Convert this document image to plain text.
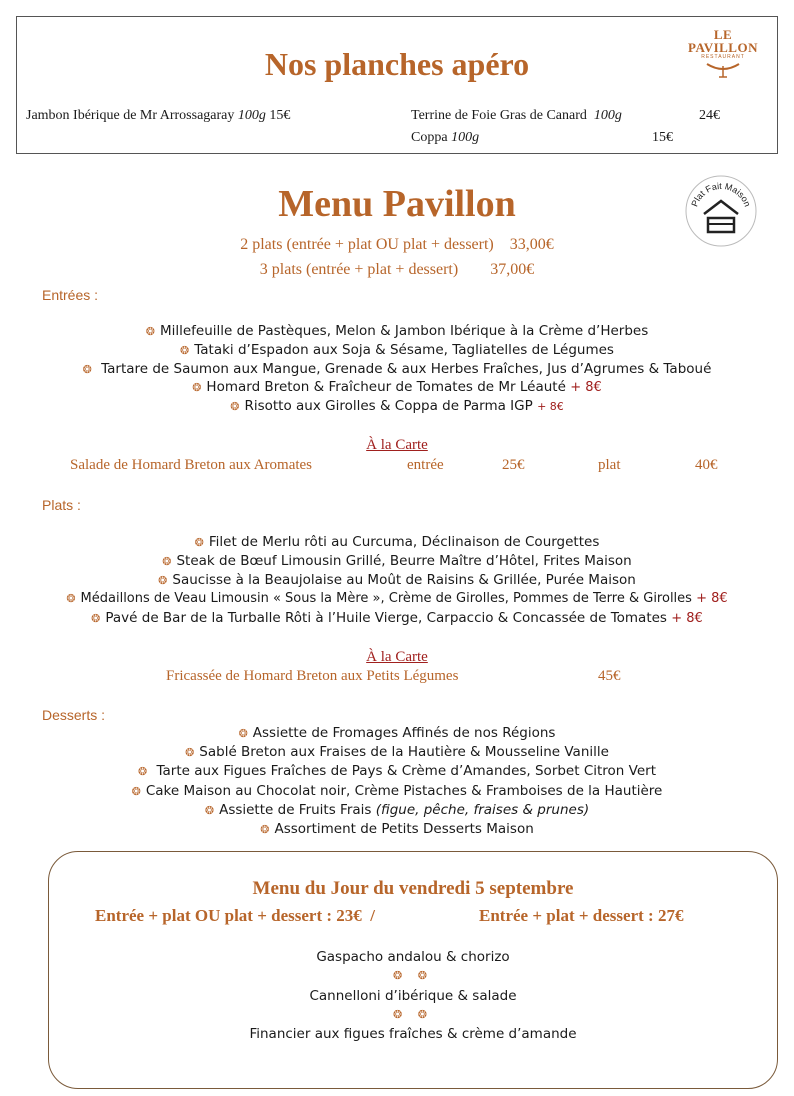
Nos planches apéro
LE PAVILLON
RESTAURANT
Jambon Ibérique de Mr Arrossagaray 100g 15€	Terrine de Foie Gras de Canard 100g	24€
Coppa 100g	15€
Menu Pavillon	Plat Fait Maison
2 plats (entrée + plat OU plat + dessert)    33,00€
3 plats (entrée + plat + dessert)        37,00€
Entrées :
❂ Millefeuille de Pastèques, Melon & Jambon Ibérique à la Crème d’Herbes
❂ Tataki d’Espadon aux Soja & Sésame, Tagliatelles de Légumes
❂ Tartare de Saumon aux Mangue, Grenade & aux Herbes Fraîches, Jus d’Agrumes & Taboué
❂ Homard Breton & Fraîcheur de Tomates de Mr Léauté + 8€
❂ Risotto aux Girolles & Coppa de Parma IGP + 8€
À la Carte
Salade de Homard Breton aux Aromates	entrée	25€	plat	40€
Plats :
❂ Filet de Merlu rôti au Curcuma, Déclinaison de Courgettes
❂ Steak de Bœuf Limousin Grillé, Beurre Maître d’Hôtel, Frites Maison
❂ Saucisse à la Beaujolaise au Moût de Raisins & Grillée, Purée Maison
❂ Médaillons de Veau Limousin « Sous la Mère », Crème de Girolles, Pommes de Terre & Girolles + 8€
❂ Pavé de Bar de la Turballe Rôti à l’Huile Vierge, Carpaccio & Concassée de Tomates + 8€
À la Carte
Fricassée de Homard Breton aux Petits Légumes	45€
Desserts :
❂ Assiette de Fromages Affinés de nos Régions
❂ Sablé Breton aux Fraises de la Hautière & Mousseline Vanille
❂ Tarte aux Figues Fraîches de Pays & Crème d’Amandes, Sorbet Citron Vert
❂ Cake Maison au Chocolat noir, Crème Pistaches & Framboises de la Hautière
❂ Assiette de Fruits Frais (figue, pêche, fraises & prunes)
❂ Assortiment de Petits Desserts Maison
Menu du Jour du vendredi 5 septembre
Entrée + plat OU plat + dessert : 23€  /	Entrée + plat + dessert : 27€
Gaspacho andalou & chorizo
❂ ❂
Cannelloni d’ibérique & salade
❂ ❂
Financier aux figues fraîches & crème d’amande
